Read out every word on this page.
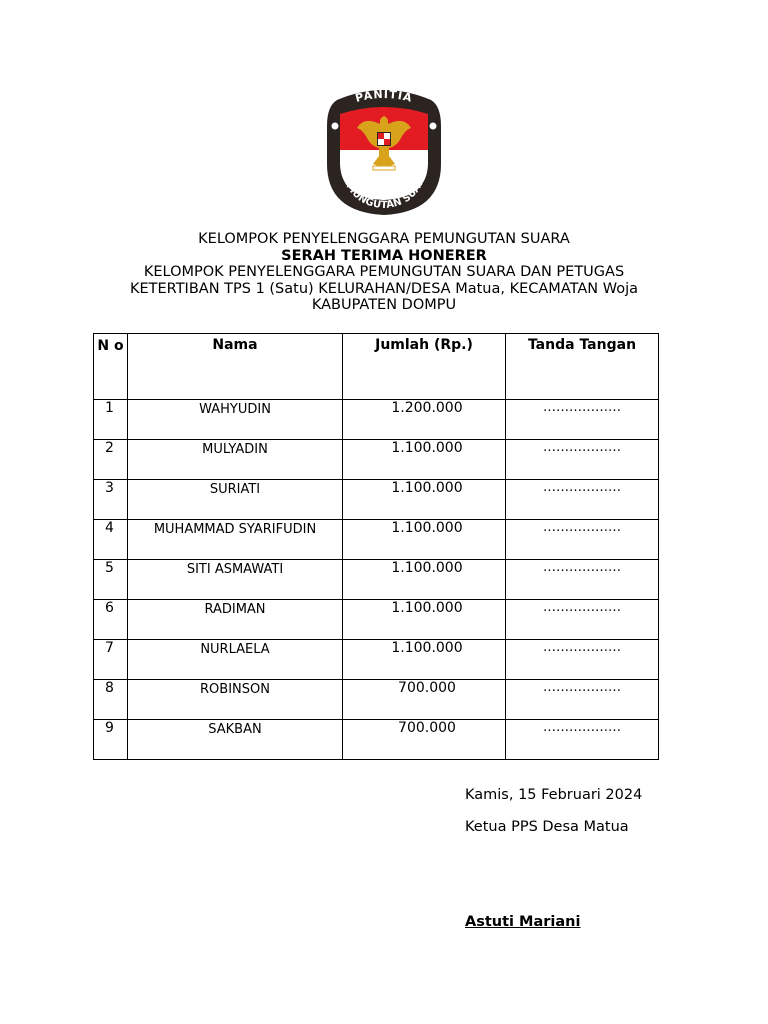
PANITIA
PEMUNGUTAN SUARA
KELOMPOK PENYELENGGARA PEMUNGUTAN SUARA
SERAH TERIMA HONERER
KELOMPOK PENYELENGGARA PEMUNGUTAN SUARA DAN PETUGAS
KETERTIBAN TPS 1 (Satu) KELURAHAN/DESA Matua, KECAMATAN Woja
KABUPATEN DOMPU
N o	Nama	Jumlah (Rp.)	Tanda Tangan
1	WAHYUDIN	1.200.000	………………
2	MULYADIN	1.100.000	………………
3	SURIATI	1.100.000	………………
4	MUHAMMAD SYARIFUDIN	1.100.000	………………
5	SITI ASMAWATI	1.100.000	………………
6	RADIMAN	1.100.000	………………
7	NURLAELA	1.100.000	………………
8	ROBINSON	700.000	………………
9	SAKBAN	700.000	………………
Kamis, 15 Februari 2024
Ketua PPS Desa Matua
Astuti Mariani
